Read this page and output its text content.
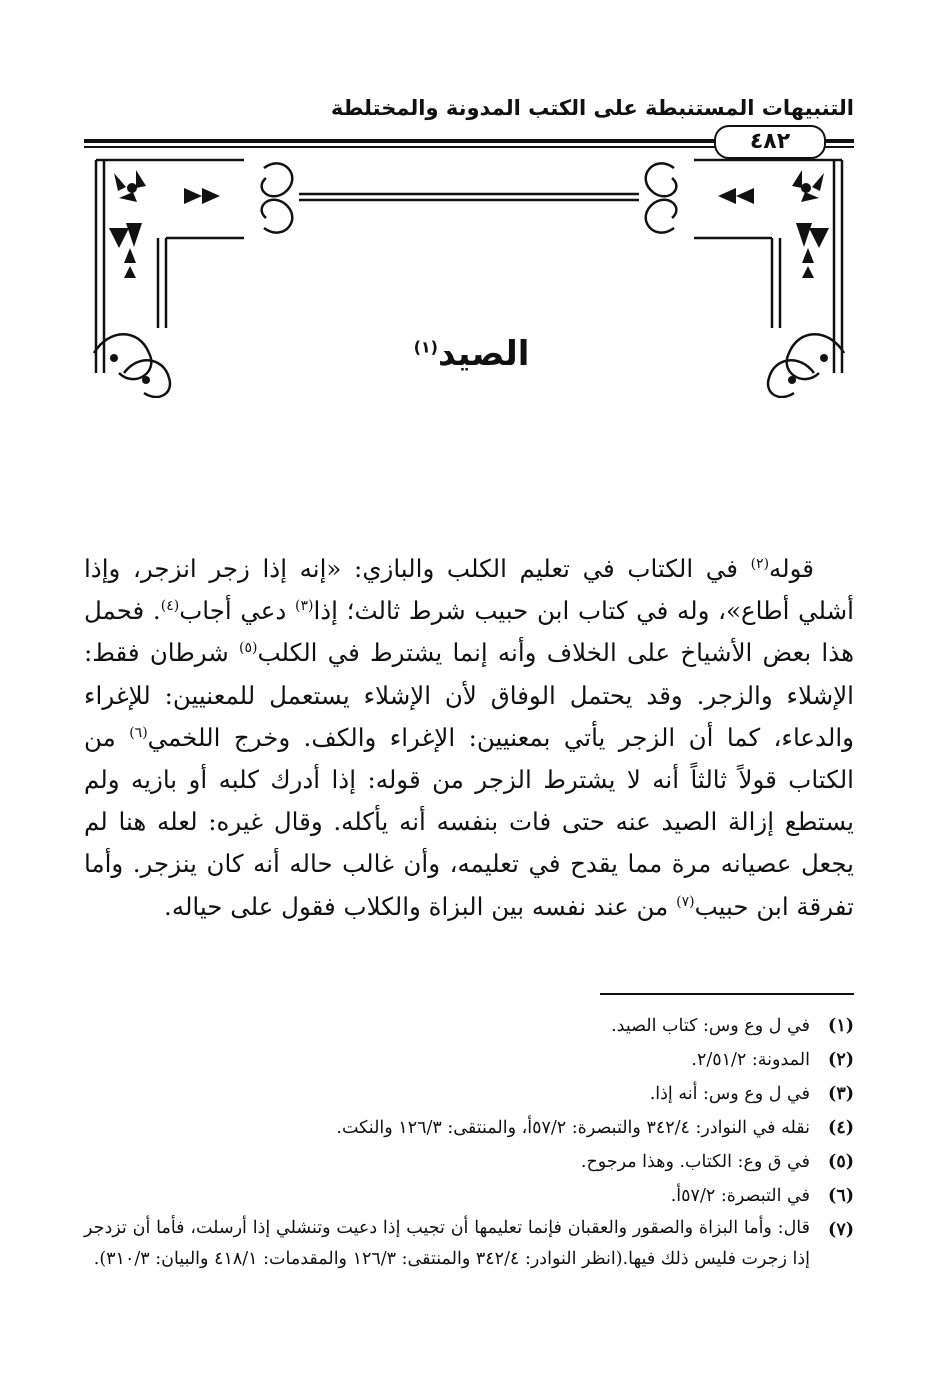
التنبيهات المستنبطة على الكتب المدونة والمختلطة
٤٨٢
الصيد$^{(١)}$

قوله$^{(٢)}$ في الكتاب في تعليم الكلب والبازي: «إنه إذا زجر انزجر، وإذا أشلي أطاع»، وله في كتاب ابن حبيب شرط ثالث؛ إذا$^{(٣)}$ دعي أجاب$^{(٤)}$. فحمل هذا بعض الأشياخ على الخلاف وأنه إنما يشترط في الكلب$^{(٥)}$ شرطان فقط: الإشلاء والزجر. وقد يحتمل الوفاق لأن الإشلاء يستعمل للمعنيين: للإغراء والدعاء، كما أن الزجر يأتي بمعنيين: الإغراء والكف. وخرج اللخمي$^{(٦)}$ من الكتاب قولاً ثالثاً أنه لا يشترط الزجر من قوله: إذا أدرك كلبه أو بازيه ولم يستطع إزالة الصيد عنه حتى فات بنفسه أنه يأكله. وقال غيره: لعله هنا لم يجعل عصيانه مرة مما يقدح في تعليمه، وأن غالب حاله أنه كان ينزجر. وأما تفرقة ابن حبيب$^{(٧)}$ من عند نفسه بين البزاة والكلاب فقول على حياله.

(١)
في ل وع وس: كتاب الصيد.
(٢)
المدونة: ٢/٥١/٢.
(٣)
في ل وع وس: أنه إذا.
(٤)
نقله في النوادر: ٣٤٢/٤ والتبصرة: ٥٧/٢أ، والمنتقى: ١٢٦/٣ والنكت.
(٥)
في ق وع: الكتاب. وهذا مرجوح.
(٦)
في التبصرة: ٥٧/٢أ.
(٧)
قال: وأما البزاة والصقور والعقبان فإنما تعليمها أن تجيب إذا دعيت وتنشلي إذا أرسلت، فأما أن تزدجر إذا زجرت فليس ذلك فيها.(انظر النوادر: ٣٤٢/٤ والمنتقى: ١٢٦/٣ والمقدمات: ٤١٨/١ والبيان: ٣١٠/٣).
